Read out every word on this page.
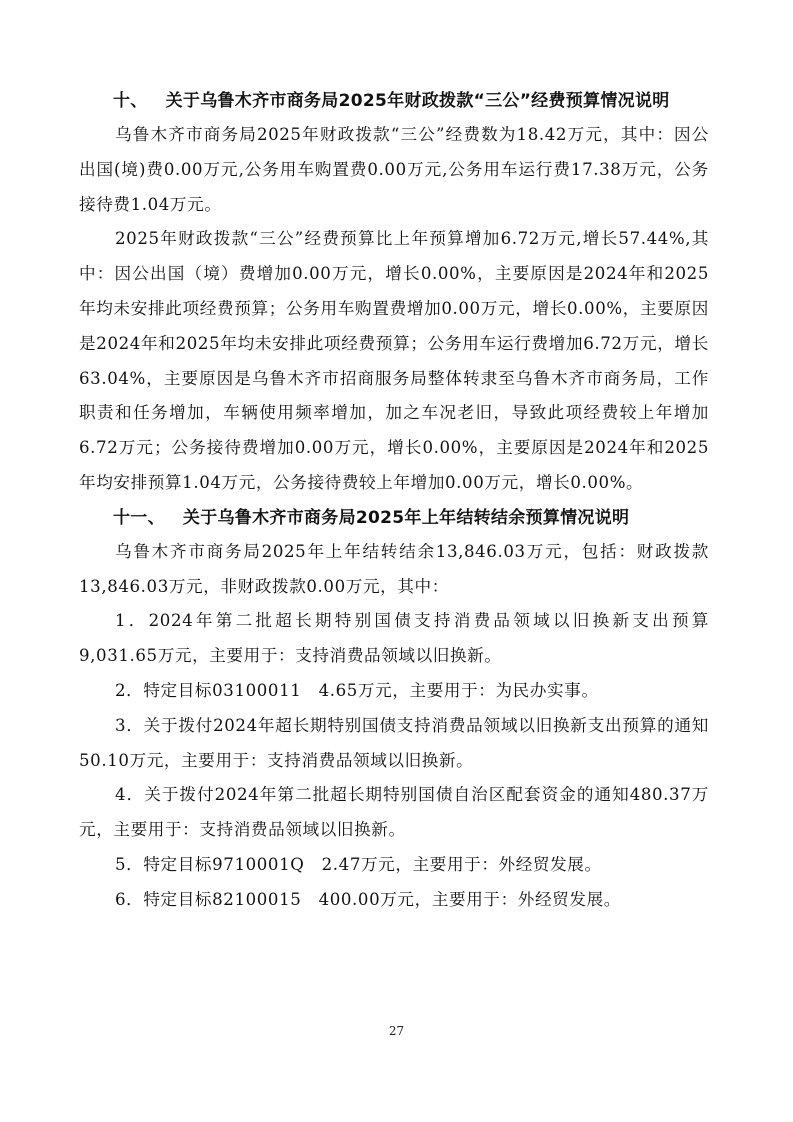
十、 关于乌鲁木齐市商务局2025年财政拨款“三公”经费预算情况说明

乌鲁木齐市商务局2025年财政拨款“三公”经费数为18.42万元，其中：因公出国(境)费0.00万元,公务用车购置费0.00万元,公务用车运行费17.38万元，公务接待费1.04万元。

2025年财政拨款“三公”经费预算比上年预算增加6.72万元,增长57.44%,其中：因公出国（境）费增加0.00万元，增长0.00%，主要原因是2024年和2025年均未安排此项经费预算；公务用车购置费增加0.00万元，增长0.00%，主要原因是2024年和2025年均未安排此项经费预算；公务用车运行费增加6.72万元，增长63.04%，主要原因是乌鲁木齐市招商服务局整体转隶至乌鲁木齐市商务局，工作职责和任务增加，车辆使用频率增加，加之车况老旧，导致此项经费较上年增加6.72万元；公务接待费增加0.00万元，增长0.00%，主要原因是2024年和2025年均安排预算1.04万元，公务接待费较上年增加0.00万元，增长0.00%。

十一、 关于乌鲁木齐市商务局2025年上年结转结余预算情况说明

乌鲁木齐市商务局2025年上年结转结余13,846.03万元，包括：财政拨款13,846.03万元，非财政拨款0.00万元，其中：

1．2024年第二批超长期特别国债支持消费品领域以旧换新支出预算9,031.65万元，主要用于：支持消费品领域以旧换新。

2．特定目标03100011　4.65万元，主要用于：为民办实事。

3．关于拨付2024年超长期特别国债支持消费品领域以旧换新支出预算的通知　50.10万元，主要用于：支持消费品领域以旧换新。

4．关于拨付2024年第二批超长期特别国债自治区配套资金的通知480.37万元，主要用于：支持消费品领域以旧换新。

5．特定目标9710001Q　2.47万元，主要用于：外经贸发展。

6．特定目标82100015　400.00万元，主要用于：外经贸发展。

27
